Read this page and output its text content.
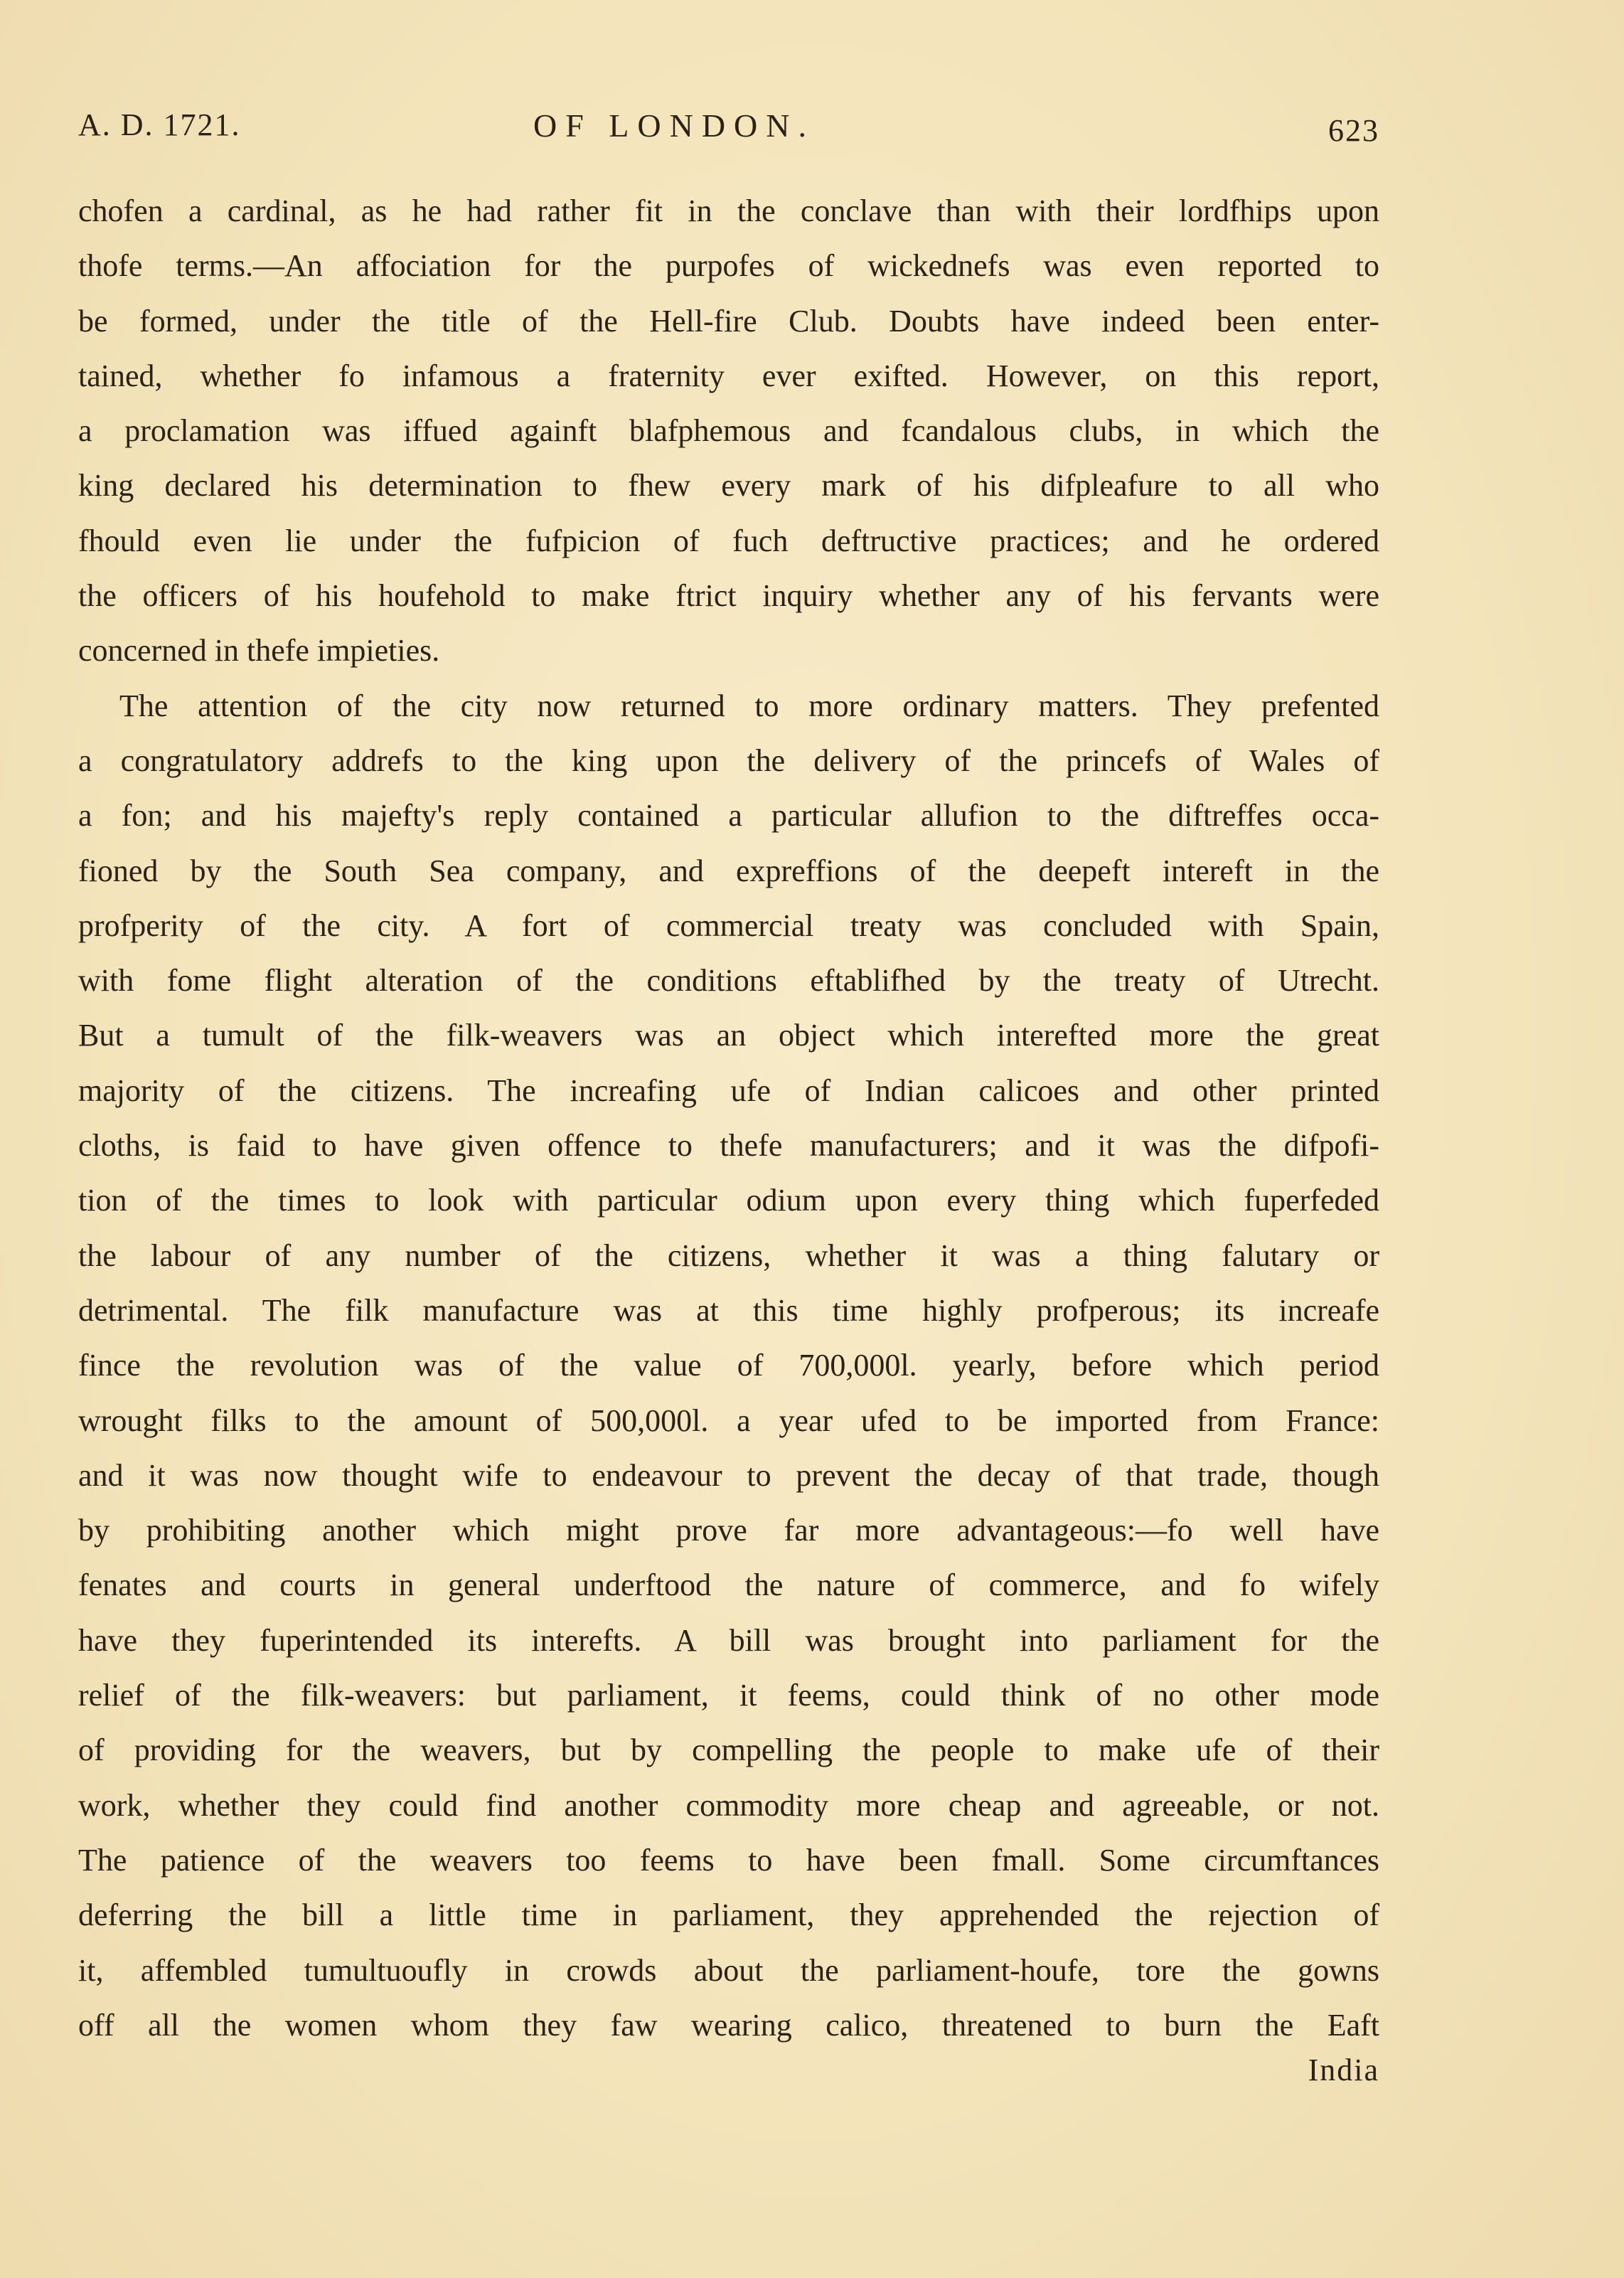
A. D. 1721.	OF LONDON.	623
chofen a cardinal, as he had rather fit in the conclave than with their lordfhips upon
thofe terms.—An affociation for the purpofes of wickednefs was even reported to
be formed, under the title of the Hell-fire Club. Doubts have indeed been enter-
tained, whether fo infamous a fraternity ever exifted. However, on this report,
a proclamation was iffued againft blafphemous and fcandalous clubs, in which the
king declared his determination to fhew every mark of his difpleafure to all who
fhould even lie under the fufpicion of fuch deftructive practices; and he ordered
the officers of his houfehold to make ftrict inquiry whether any of his fervants were
concerned in thefe impieties.
The attention of the city now returned to more ordinary matters. They prefented
a congratulatory addrefs to the king upon the delivery of the princefs of Wales of
a fon; and his majefty's reply contained a particular allufion to the diftreffes occa-
fioned by the South Sea company, and expreffions of the deepeft intereft in the
profperity of the city. A fort of commercial treaty was concluded with Spain,
with fome flight alteration of the conditions eftablifhed by the treaty of Utrecht.
But a tumult of the filk-weavers was an object which interefted more the great
majority of the citizens. The increafing ufe of Indian calicoes and other printed
cloths, is faid to have given offence to thefe manufacturers; and it was the difpofi-
tion of the times to look with particular odium upon every thing which fuperfeded
the labour of any number of the citizens, whether it was a thing falutary or
detrimental. The filk manufacture was at this time highly profperous; its increafe
fince the revolution was of the value of 700,000l. yearly, before which period
wrought filks to the amount of 500,000l. a year ufed to be imported from France:
and it was now thought wife to endeavour to prevent the decay of that trade, though
by prohibiting another which might prove far more advantageous:—fo well have
fenates and courts in general underftood the nature of commerce, and fo wifely
have they fuperintended its interefts. A bill was brought into parliament for the
relief of the filk-weavers: but parliament, it feems, could think of no other mode
of providing for the weavers, but by compelling the people to make ufe of their
work, whether they could find another commodity more cheap and agreeable, or not.
The patience of the weavers too feems to have been fmall. Some circumftances
deferring the bill a little time in parliament, they apprehended the rejection of
it, affembled tumultuoufly in crowds about the parliament-houfe, tore the gowns
off all the women whom they faw wearing calico, threatened to burn the Eaft
India
